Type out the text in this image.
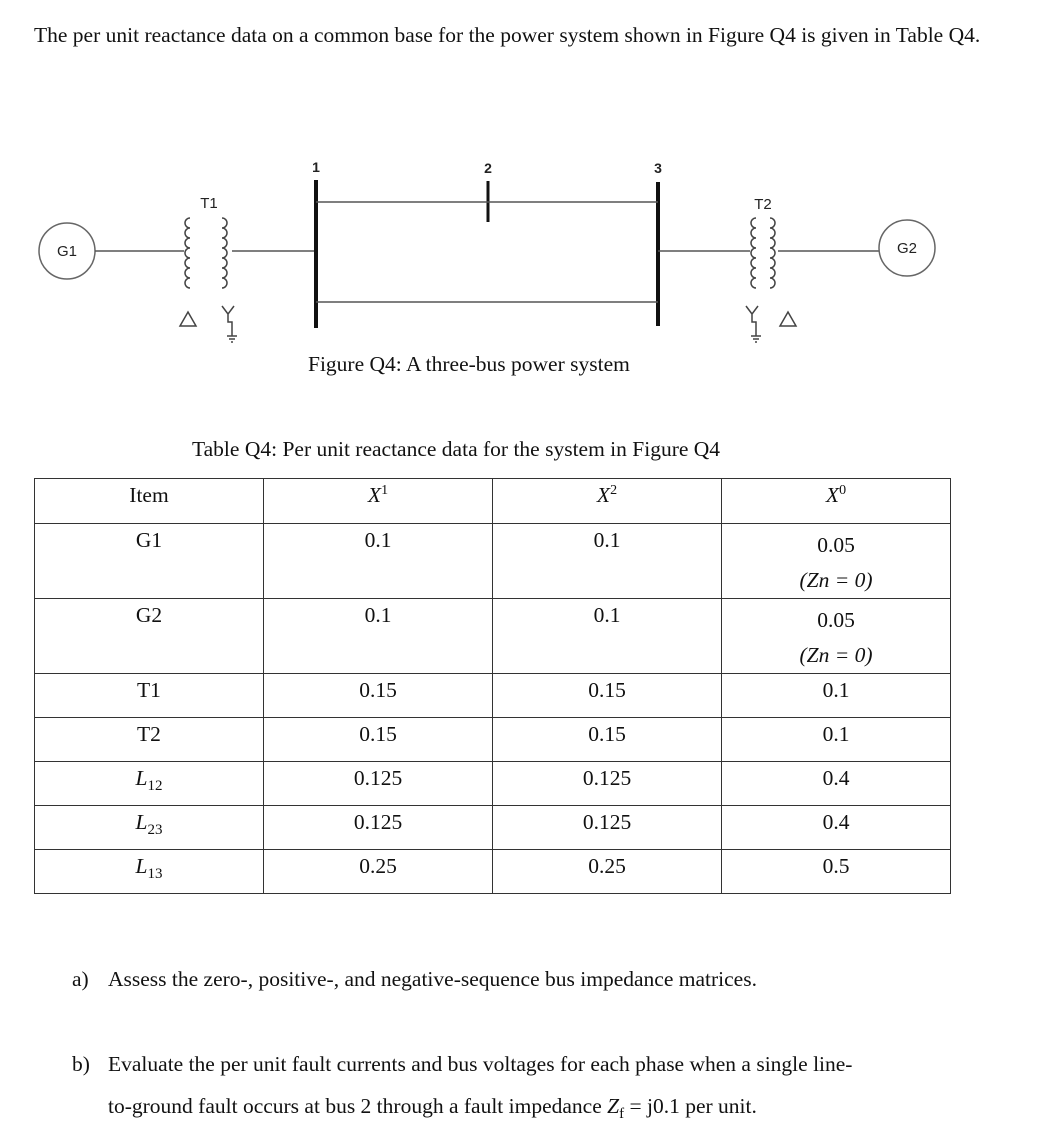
The per unit reactance data on a common base for the power system shown in Figure Q4 is given in Table Q4.

G1	G2
T1	T2
1	2	3
Figure Q4: A three-bus power system
Table Q4: Per unit reactance data for the system in Figure Q4
Item	$X^1$	$X^2$	$X^0$
G1	0.1	0.1	0.05
(Zn = 0)

G2	0.1	0.1	0.05
(Zn = 0)

T1	0.15	0.15	0.1
T2	0.15	0.15	0.1
$L_{12}$	0.125	0.125	0.4
$L_{23}$	0.125	0.125	0.4
$L_{13}$	0.25	0.25	0.5
a) Assess the zero-, positive-, and negative-sequence bus impedance matrices.
b) Evaluate the per unit fault currents and bus voltages for each phase when a single line-
to-ground fault occurs at bus 2 through a fault impedance $Z_f = j0.1$ per unit.
